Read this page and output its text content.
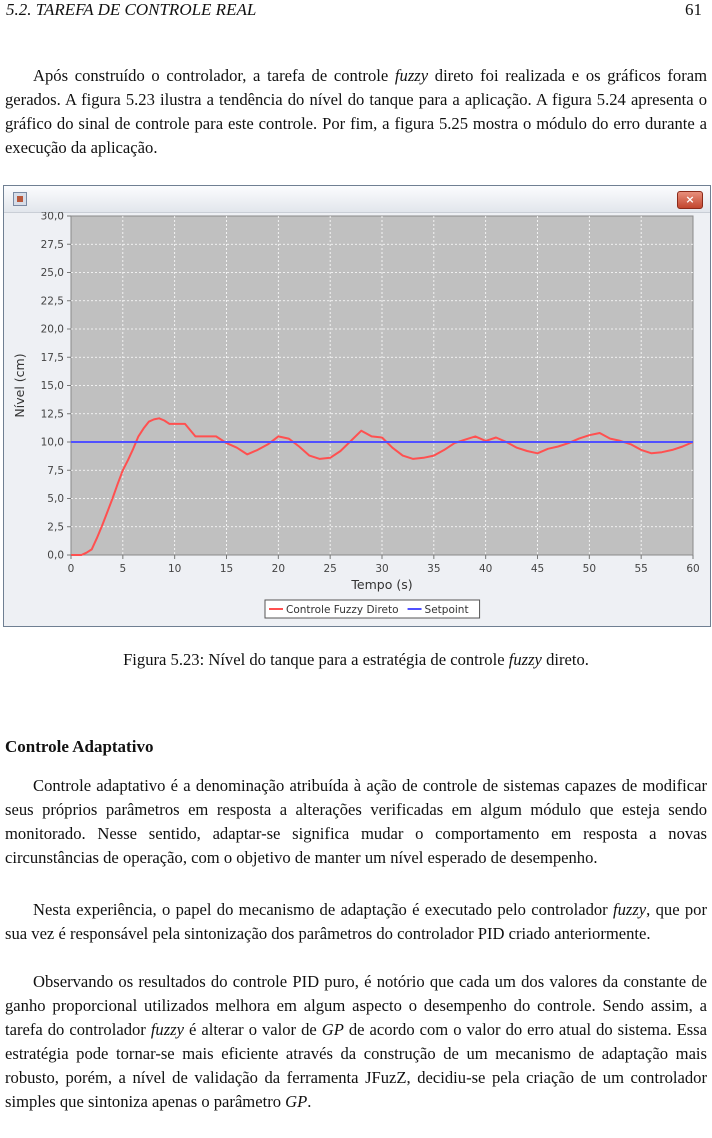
5.2. TAREFA DE CONTROLE REAL	61

Após construído o controlador, a tarefa de controle fuzzy direto foi realizada e os gráficos foram gerados. A figura 5.23 ilustra a tendência do nível do tanque para a aplicação. A figura 5.24 apresenta o gráfico do sinal de controle para este controle. Por fim, a figura 5.25 mostra o módulo do erro durante a execução da aplicação.

×
0	5	10	15	20	25	30	35	40	45	50	55	60
0,0
2,5
5,0
7,5
10,0
12,5
15,0
17,5
20,0
22,5
25,0
27,5
30,0
Tempo (s)
Nível (cm)
Controle Fuzzy Direto Setpoint
Figura 5.23: Nível do tanque para a estratégia de controle fuzzy direto.
Controle Adaptativo

Controle adaptativo é a denominação atribuída à ação de controle de sistemas capazes de modificar seus próprios parâmetros em resposta a alterações verificadas em algum módulo que esteja sendo monitorado. Nesse sentido, adaptar-se significa mudar o comportamento em resposta a novas circunstâncias de operação, com o objetivo de manter um nível esperado de desempenho.

Nesta experiência, o papel do mecanismo de adaptação é executado pelo controlador fuzzy, que por sua vez é responsável pela sintonização dos parâmetros do controlador PID criado anteriormente.

Observando os resultados do controle PID puro, é notório que cada um dos valores da constante de ganho proporcional utilizados melhora em algum aspecto o desempenho do controle. Sendo assim, a tarefa do controlador fuzzy é alterar o valor de GP de acordo com o valor do erro atual do sistema. Essa estratégia pode tornar-se mais eficiente através da construção de um mecanismo de adaptação mais robusto, porém, a nível de validação da ferramenta JFuzZ, decidiu-se pela criação de um controlador simples que sintoniza apenas o parâmetro GP.
